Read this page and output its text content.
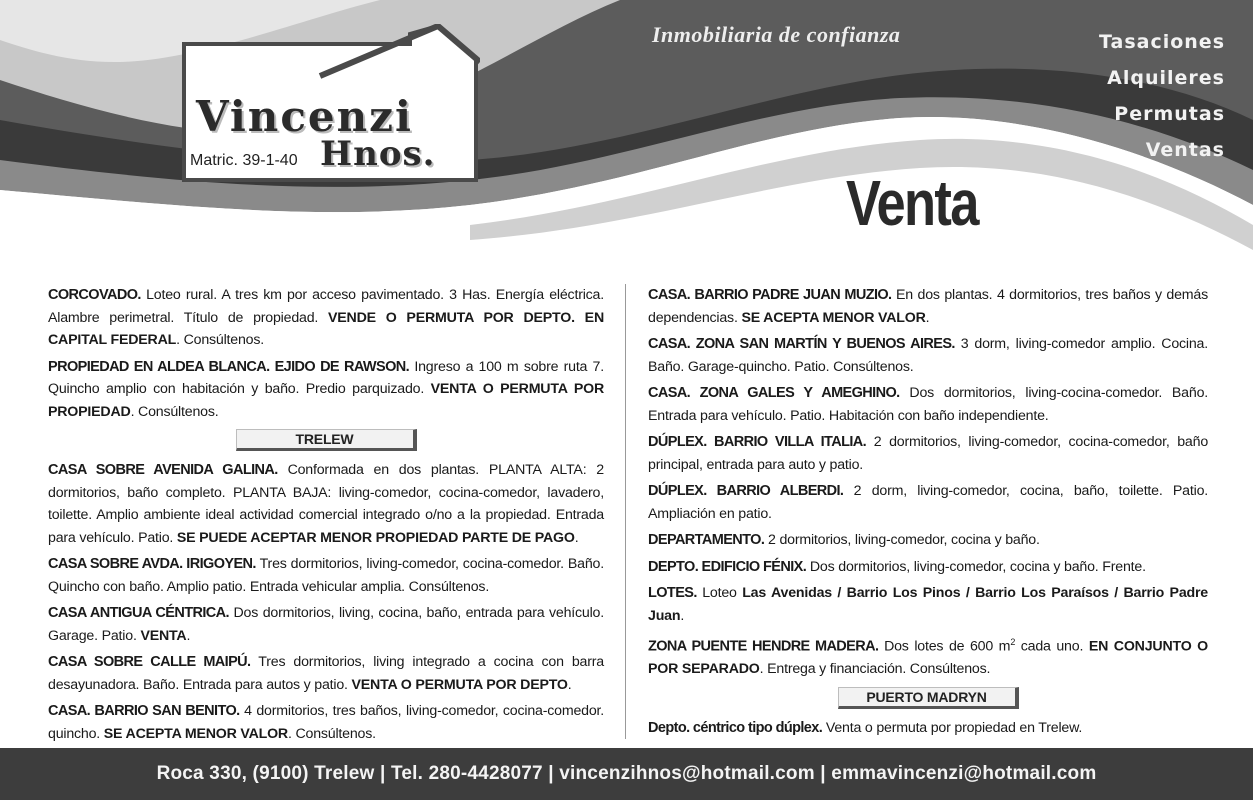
Vincenzi
Matric. 39-1-40 Hnos.
Inmobiliaria de confianza	Tasaciones
Alquileres
Permutas
Ventas
Venta

CORCOVADO. Loteo rural. A tres km por acceso pavimentado. 3 Has. Energía eléctrica. Alambre perimetral. Título de propiedad. VENDE O PERMUTA POR DEPTO. EN CAPITAL FEDERAL. Consúltenos.

PROPIEDAD EN ALDEA BLANCA. EJIDO DE RAWSON. Ingreso a 100 m sobre ruta 7. Quincho amplio con habitación y baño. Predio parquizado. VENTA O PERMUTA POR PROPIEDAD. Consúltenos.

TRELEW

CASA SOBRE AVENIDA GALINA. Conformada en dos plantas. PLANTA ALTA: 2 dormitorios, baño completo. PLANTA BAJA: living-comedor, cocina-comedor, lavadero, toilette. Amplio ambiente ideal actividad comercial integrado o/no a la propiedad. Entrada para vehículo. Patio. SE PUEDE ACEPTAR MENOR PROPIEDAD PARTE DE PAGO.

CASA SOBRE AVDA. IRIGOYEN. Tres dormitorios, living-comedor, cocina-comedor. Baño. Quincho con baño. Amplio patio. Entrada vehicular amplia. Consúltenos.

CASA ANTIGUA CÉNTRICA. Dos dormitorios, living, cocina, baño, entrada para vehículo. Garage. Patio. VENTA.

CASA SOBRE CALLE MAIPÚ. Tres dormitorios, living integrado a cocina con barra desayunadora. Baño. Entrada para autos y patio. VENTA O PERMUTA POR DEPTO.

CASA. BARRIO SAN BENITO. 4 dormitorios, tres baños, living-comedor, cocina-comedor. quincho. SE ACEPTA MENOR VALOR. Consúltenos.

CASA. BARRIO PADRE JUAN MUZIO. En dos plantas. 4 dormitorios, tres baños y demás dependencias. SE ACEPTA MENOR VALOR.

CASA. ZONA SAN MARTÍN Y BUENOS AIRES. 3 dorm, living-comedor amplio. Cocina. Baño. Garage-quincho. Patio. Consúltenos.

CASA. ZONA GALES Y AMEGHINO. Dos dormitorios, living-cocina-comedor. Baño. Entrada para vehículo. Patio. Habitación con baño independiente.

DÚPLEX. BARRIO VILLA ITALIA. 2 dormitorios, living-comedor, cocina-comedor, baño principal, entrada para auto y patio.

DÚPLEX. BARRIO ALBERDI. 2 dorm, living-comedor, cocina, baño, toilette. Patio. Ampliación en patio.

DEPARTAMENTO. 2 dormitorios, living-comedor, cocina y baño.

DEPTO. EDIFICIO FÉNIX. Dos dormitorios, living-comedor, cocina y baño. Frente.

LOTES. Loteo Las Avenidas / Barrio Los Pinos / Barrio Los Paraísos / Barrio Padre Juan.

ZONA PUENTE HENDRE MADERA. Dos lotes de 600 $m^2$ cada uno. EN CONJUNTO O POR SEPARADO. Entrega y financiación. Consúltenos.

PUERTO MADRYN

Depto. céntrico tipo dúplex. Venta o permuta por propiedad en Trelew.

Roca 330, (9100) Trelew | Tel. 280-4428077 | vincenzihnos@hotmail.com | emmavincenzi@hotmail.com
